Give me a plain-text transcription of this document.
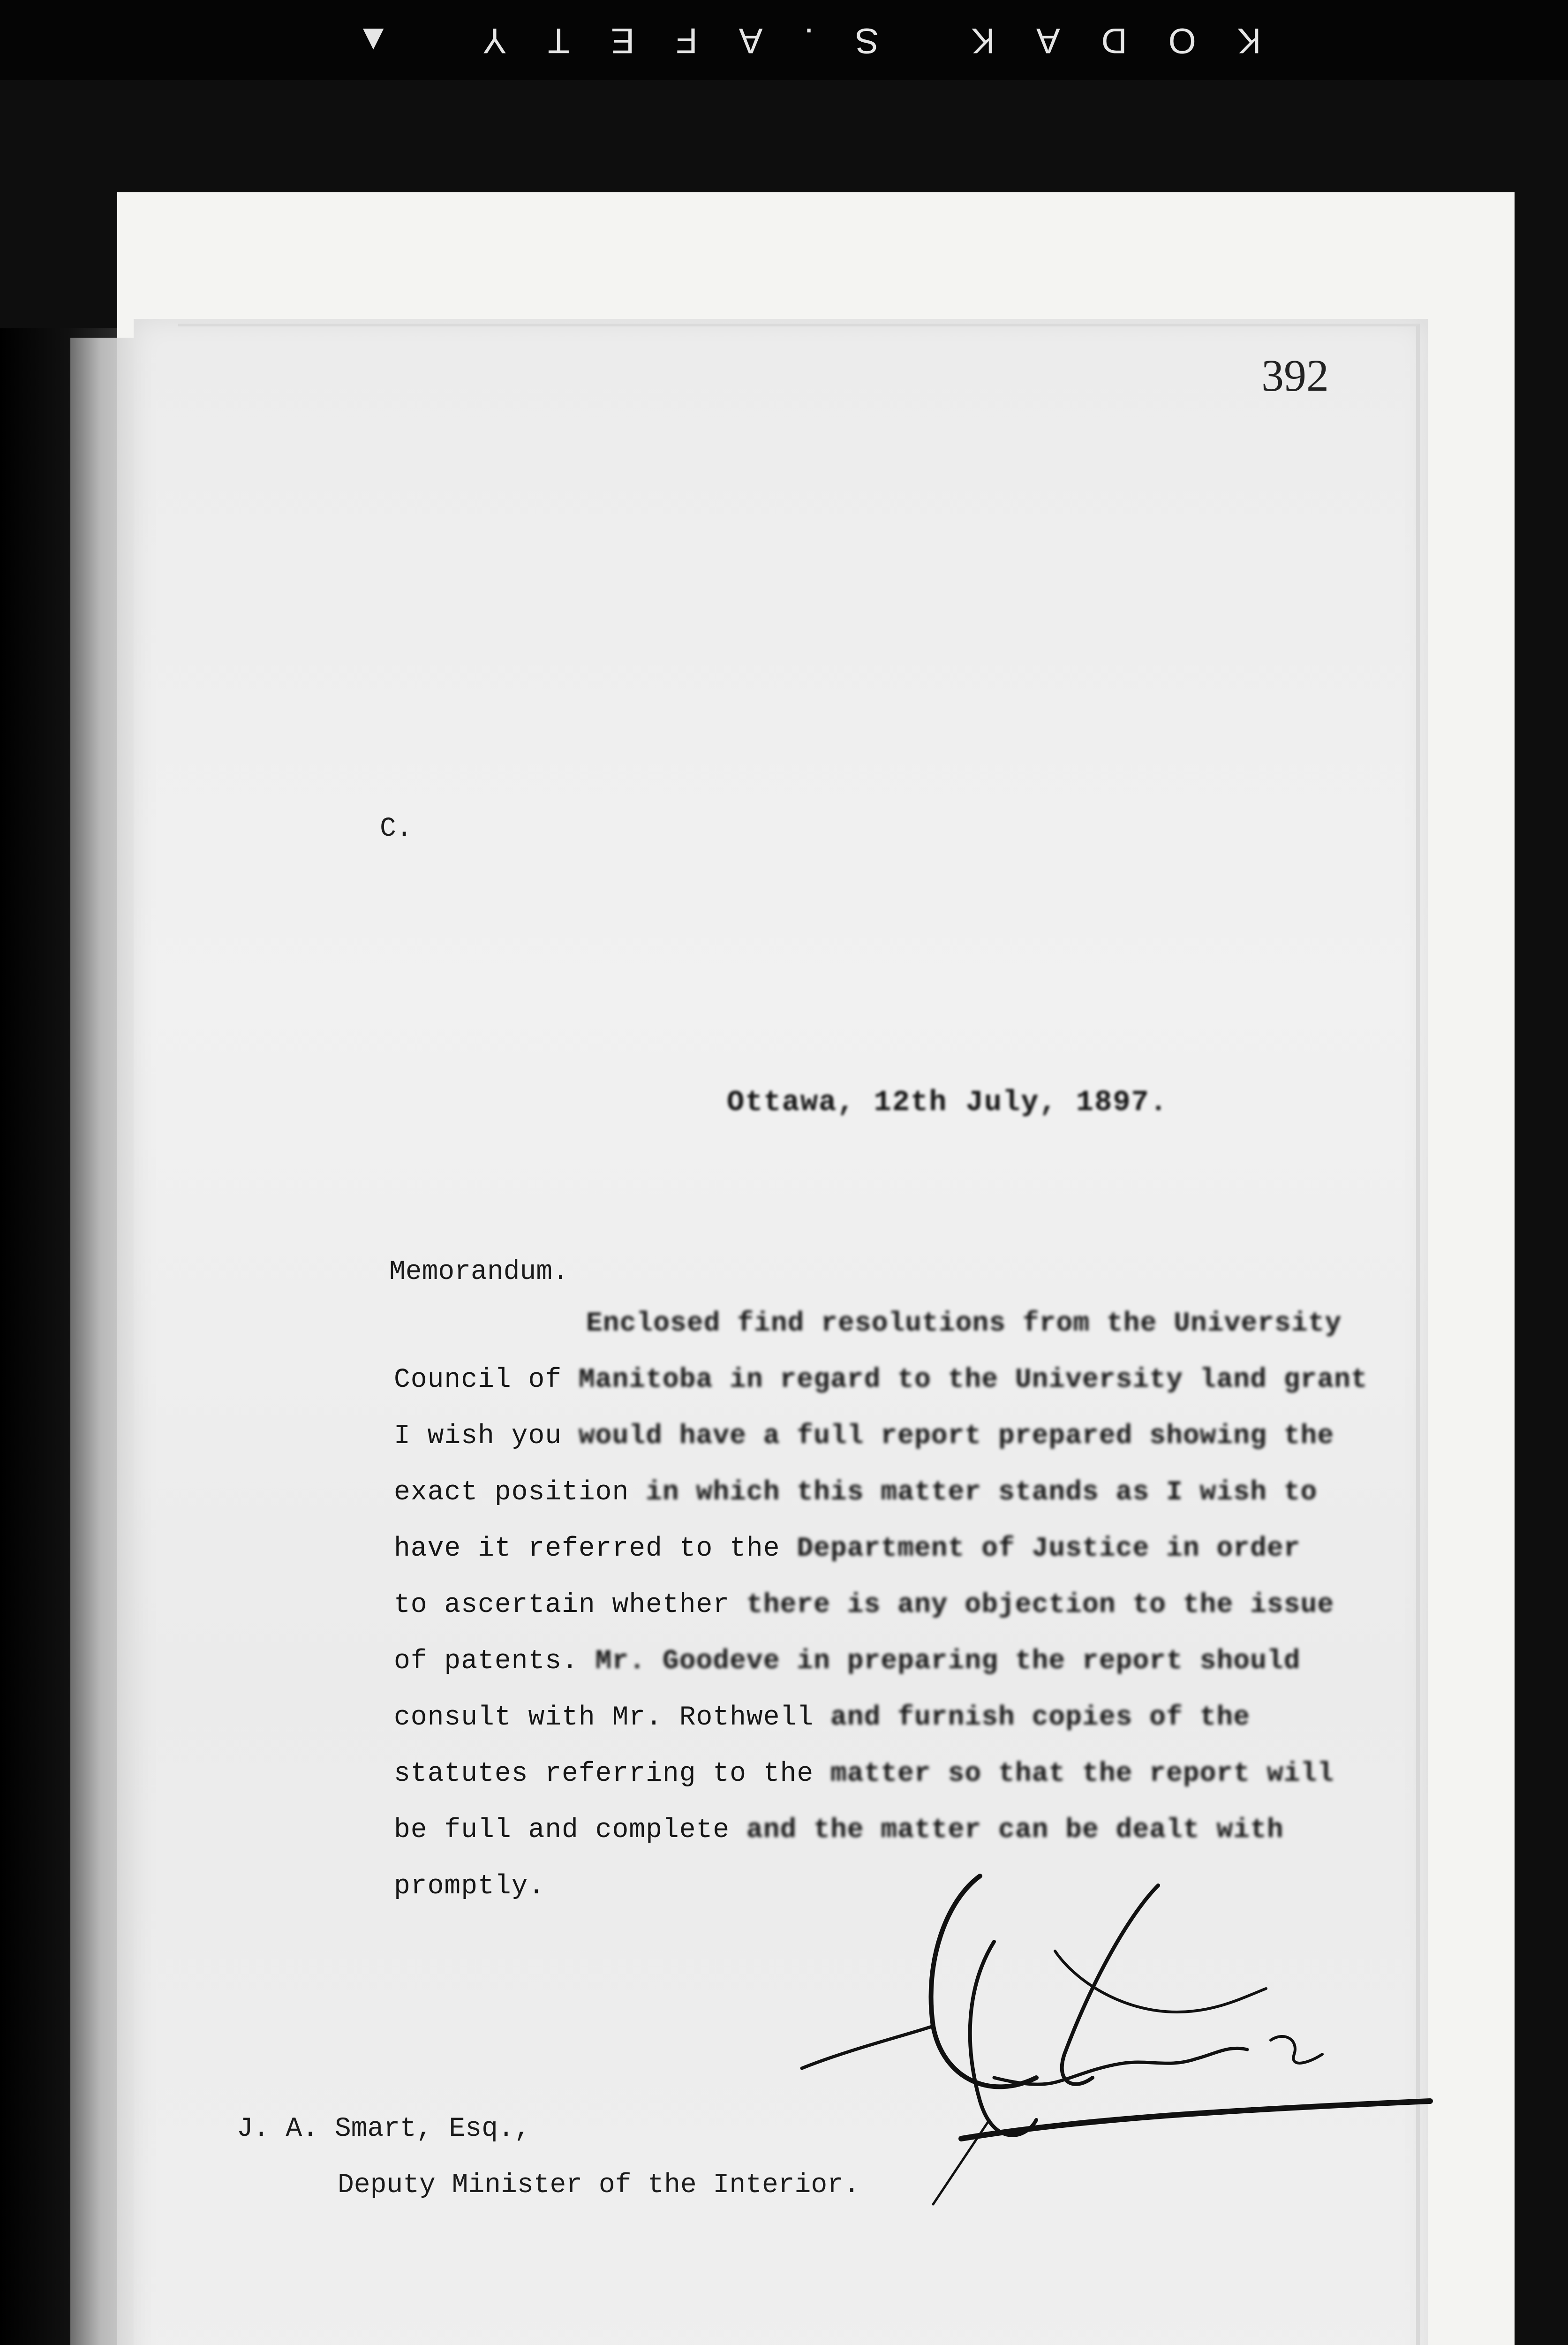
KODAK S.AFETY ▲
392
C.
Ottawa, 12th July, 1897.
Memorandum.
Enclosed find resolutions from the University
Council of Manitoba in regard to the University land grant
I wish you would have a full report prepared showing the
exact position in which this matter stands as I wish to
have it referred to the Department of Justice in order
to ascertain whether there is any objection to the issue
of patents. Mr. Goodeve in preparing the report should
consult with Mr. Rothwell and furnish copies of the
statutes referring to the matter so that the report will
be full and complete and the matter can be dealt with
promptly.
J. A. Smart, Esq.,
Deputy Minister of the Interior.
